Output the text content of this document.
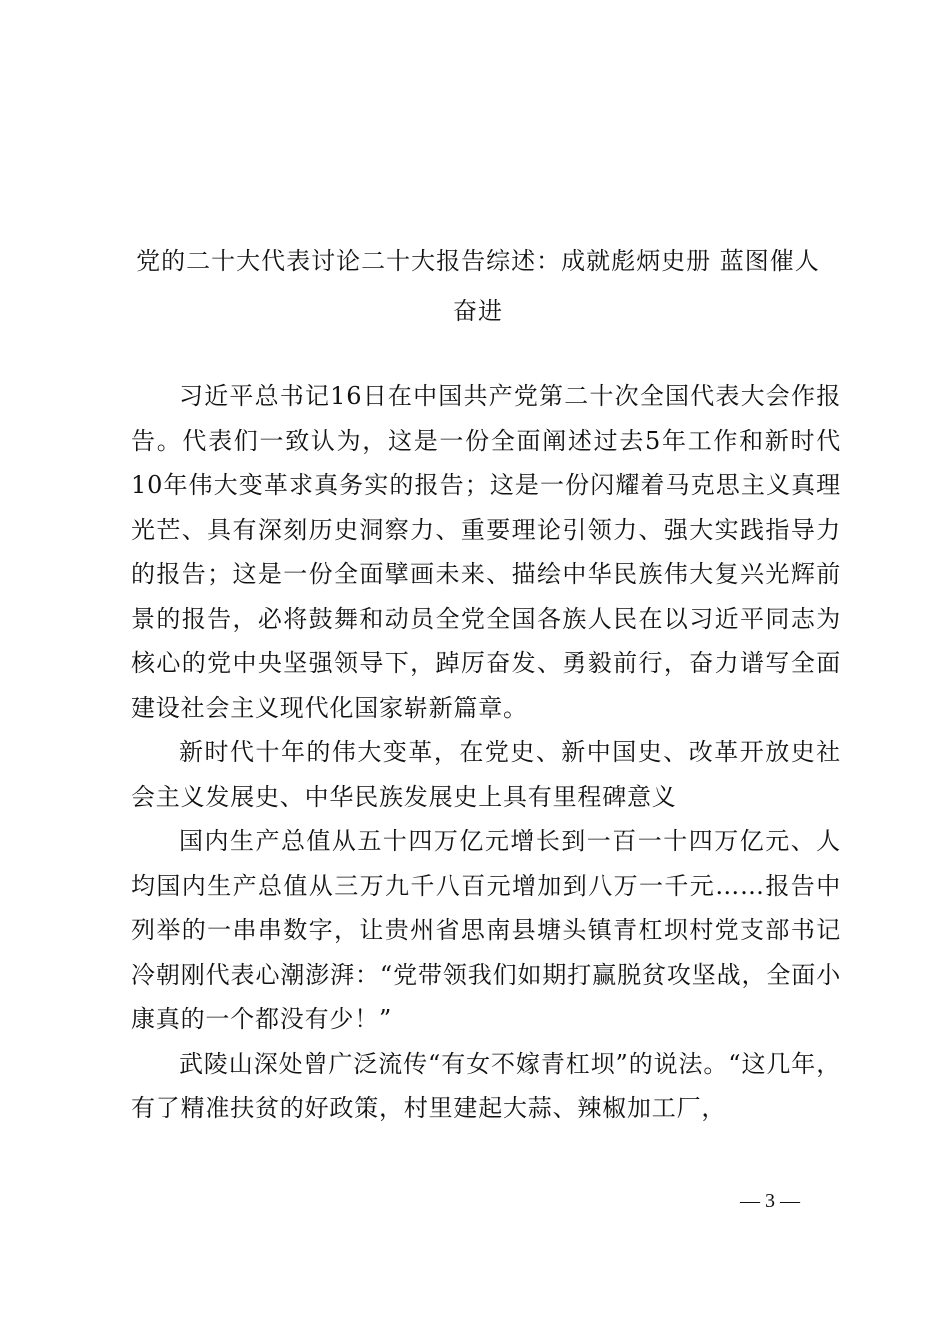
党的二十大代表讨论二十大报告综述：成就彪炳史册 蓝图催人
奋进

习近平总书记16日在中国共产党第二十次全国代表大会作报告。代表们一致认为，这是一份全面阐述过去5年工作和新时代10年伟大变革求真务实的报告；这是一份闪耀着马克思主义真理光芒、具有深刻历史洞察力、重要理论引领力、强大实践指导力的报告；这是一份全面擘画未来、描绘中华民族伟大复兴光辉前景的报告，必将鼓舞和动员全党全国各族人民在以习近平同志为核心的党中央坚强领导下，踔厉奋发、勇毅前行，奋力谱写全面建设社会主义现代化国家崭新篇章。

新时代十年的伟大变革，在党史、新中国史、改革开放史社会主义发展史、中华民族发展史上具有里程碑意义

国内生产总值从五十四万亿元增长到一百一十四万亿元、人均国内生产总值从三万九千八百元增加到八万一千元……报告中列举的一串串数字，让贵州省思南县塘头镇青杠坝村党支部书记冷朝刚代表心潮澎湃：“党带领我们如期打赢脱贫攻坚战，全面小康真的一个都没有少！”

武陵山深处曾广泛流传“有女不嫁青杠坝”的说法。“这几年，有了精准扶贫的好政策，村里建起大蒜、辣椒加工厂，

— 3 —
